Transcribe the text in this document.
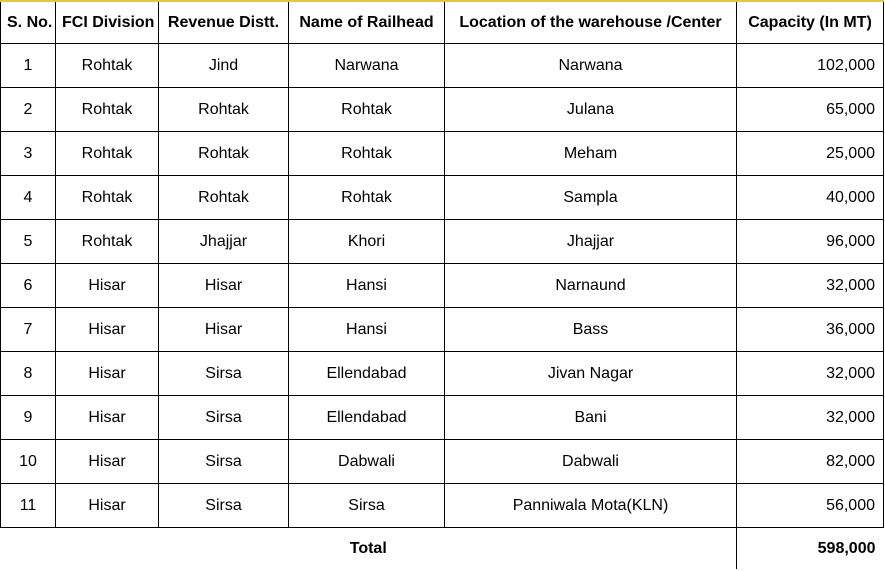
S. No.	FCI Division	Revenue Distt.	Name of Railhead	Location of the warehouse /Center	Capacity (In MT)
1	Rohtak	Jind	Narwana	Narwana	102,000
2	Rohtak	Rohtak	Rohtak	Julana	65,000
3	Rohtak	Rohtak	Rohtak	Meham	25,000
4	Rohtak	Rohtak	Rohtak	Sampla	40,000
5	Rohtak	Jhajjar	Khori	Jhajjar	96,000
6	Hisar	Hisar	Hansi	Narnaund	32,000
7	Hisar	Hisar	Hansi	Bass	36,000
8	Hisar	Sirsa	Ellendabad	Jivan Nagar	32,000
9	Hisar	Sirsa	Ellendabad	Bani	32,000
10	Hisar	Sirsa	Dabwali	Dabwali	82,000
11	Hisar	Sirsa	Sirsa	Panniwala Mota(KLN)	56,000
Total					598,000
